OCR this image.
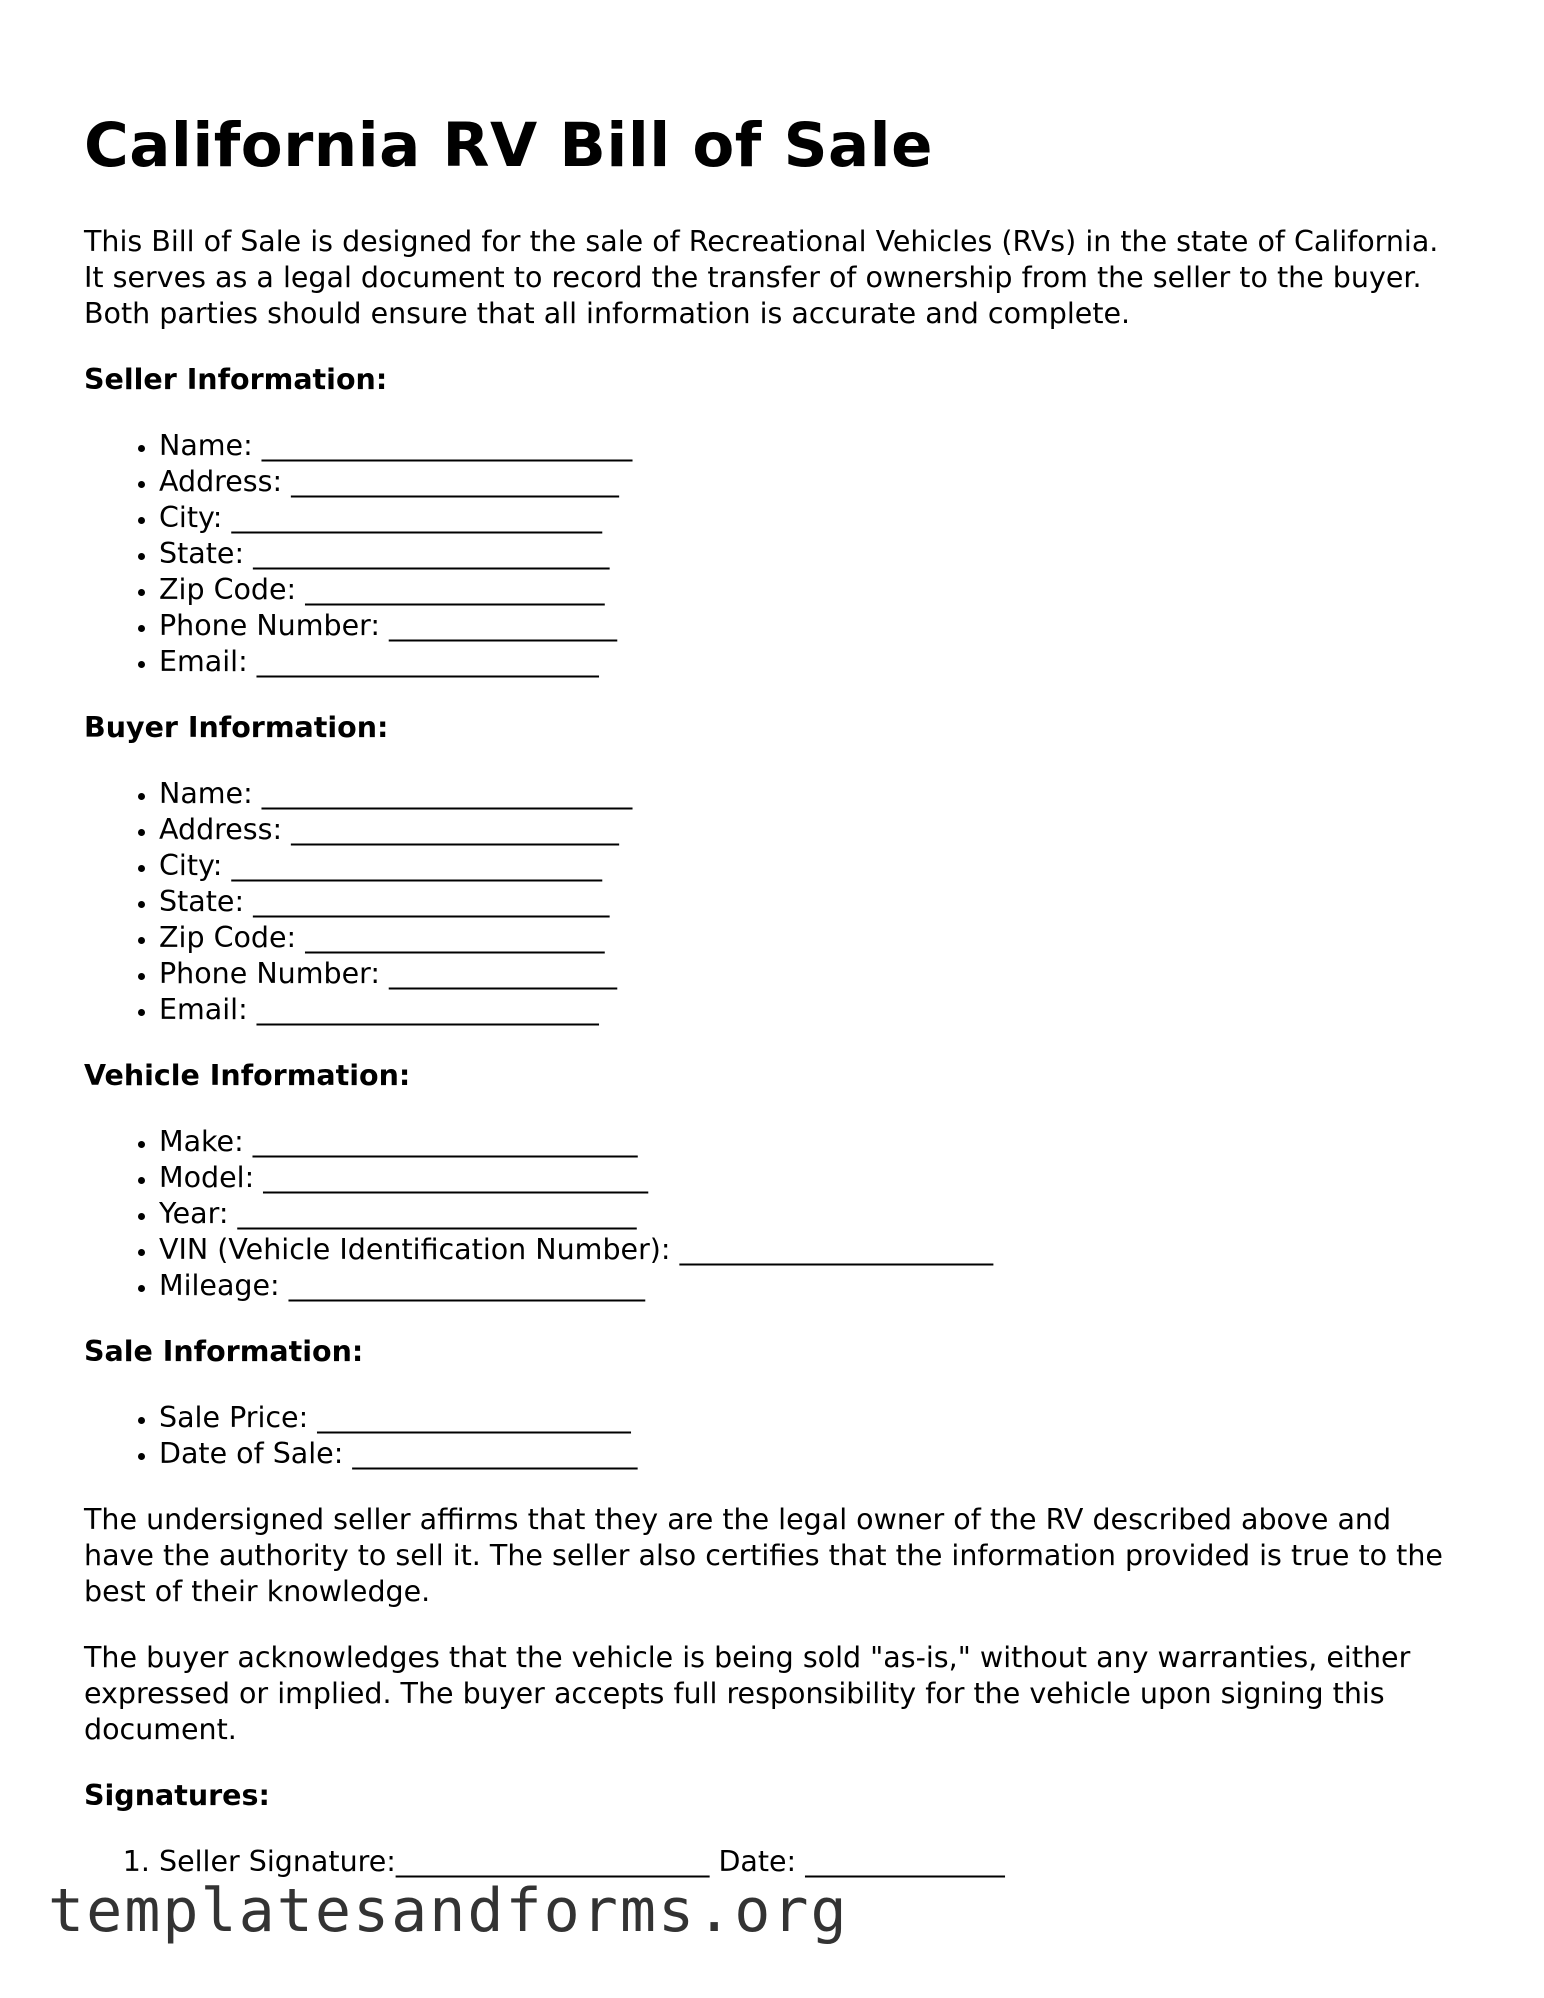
California RV Bill of Sale

This Bill of Sale is designed for the sale of Recreational Vehicles (RVs) in the state of California. It serves as a legal document to record the transfer of ownership from the seller to the buyer. Both parties should ensure that all information is accurate and complete.

Seller Information:
• Name: __________________________
• Address: _______________________
• City: __________________________
• State: _________________________
• Zip Code: _____________________
• Phone Number: ________________
• Email: ________________________
Buyer Information:
• Name: __________________________
• Address: _______________________
• City: __________________________
• State: _________________________
• Zip Code: _____________________
• Phone Number: ________________
• Email: ________________________
Vehicle Information:
• Make: ___________________________
• Model: ___________________________
• Year: ____________________________
• VIN (Vehicle Identification Number): ______________________
• Mileage: _________________________
Sale Information:
• Sale Price: ______________________
• Date of Sale: ____________________

The undersigned seller affirms that they are the legal owner of the RV described above and have the authority to sell it. The seller also certifies that the information provided is true to the best of their knowledge.

The buyer acknowledges that the vehicle is being sold "as-is," without any warranties, either expressed or implied. The buyer accepts full responsibility for the vehicle upon signing this document.

Signatures:
1. Seller Signature:______________________ Date: ______________
templatesandforms.org
